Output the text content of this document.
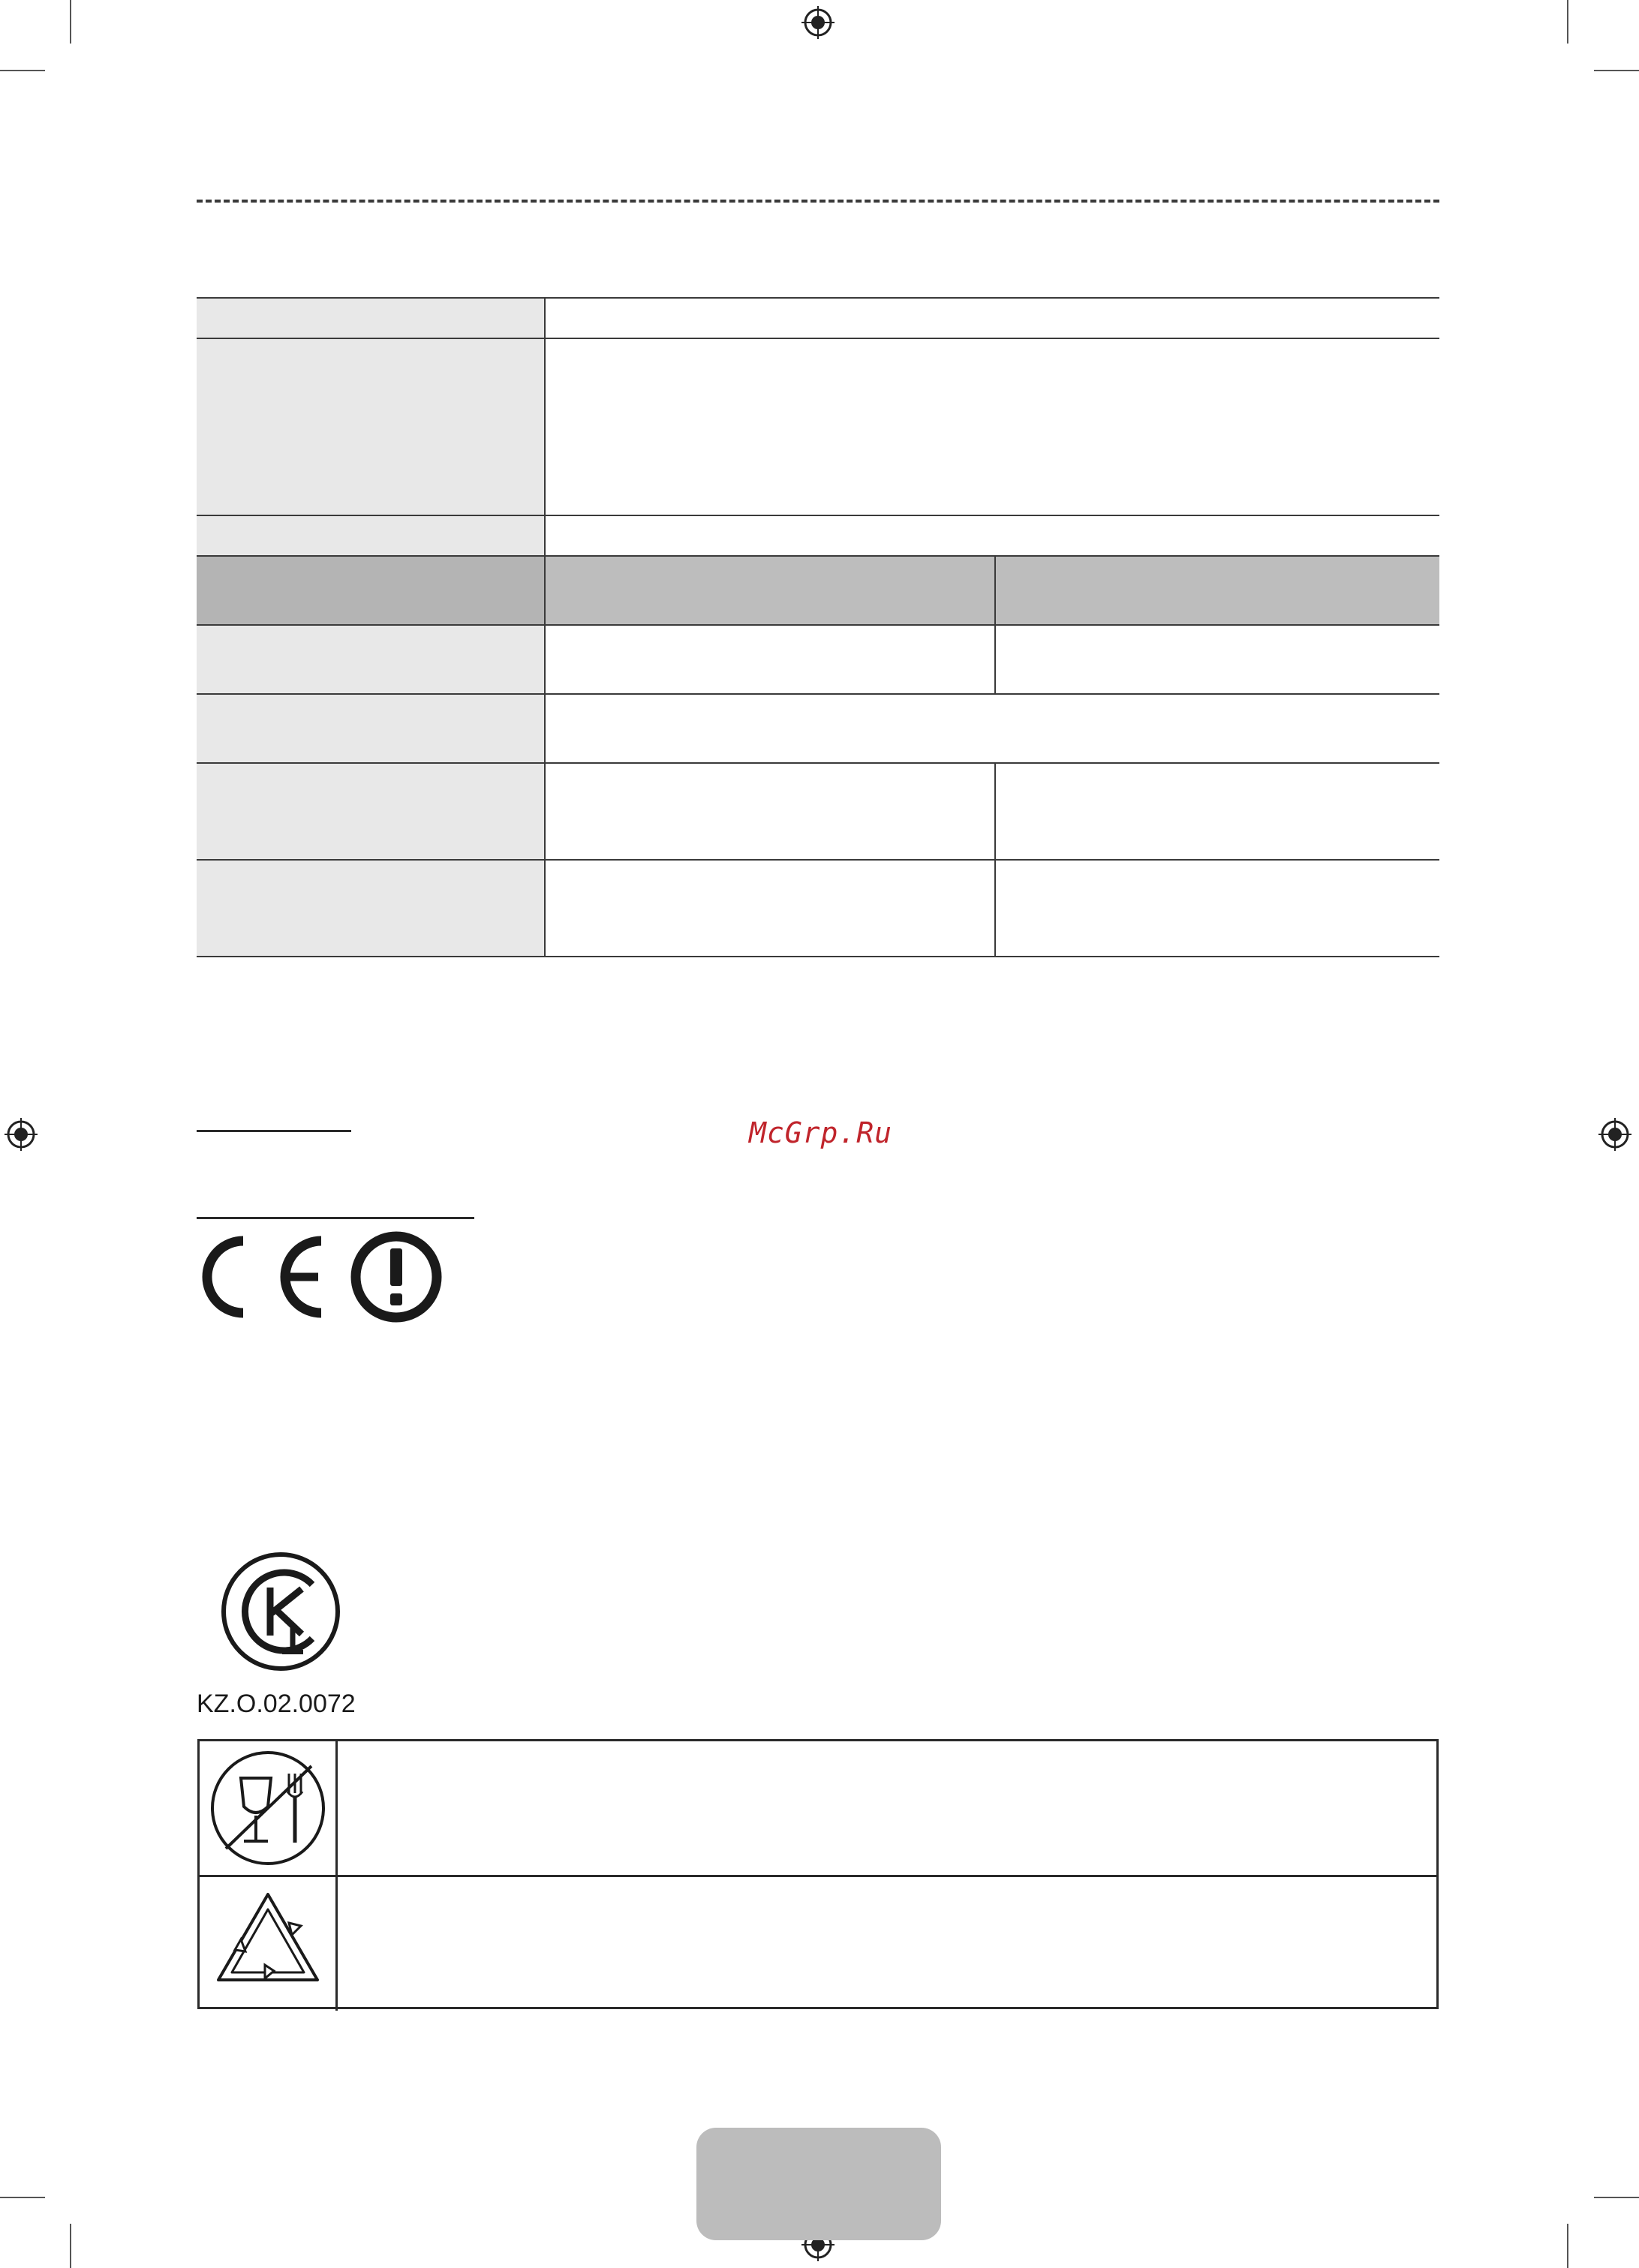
McGrp.Ru
KZ.O.02.0072
